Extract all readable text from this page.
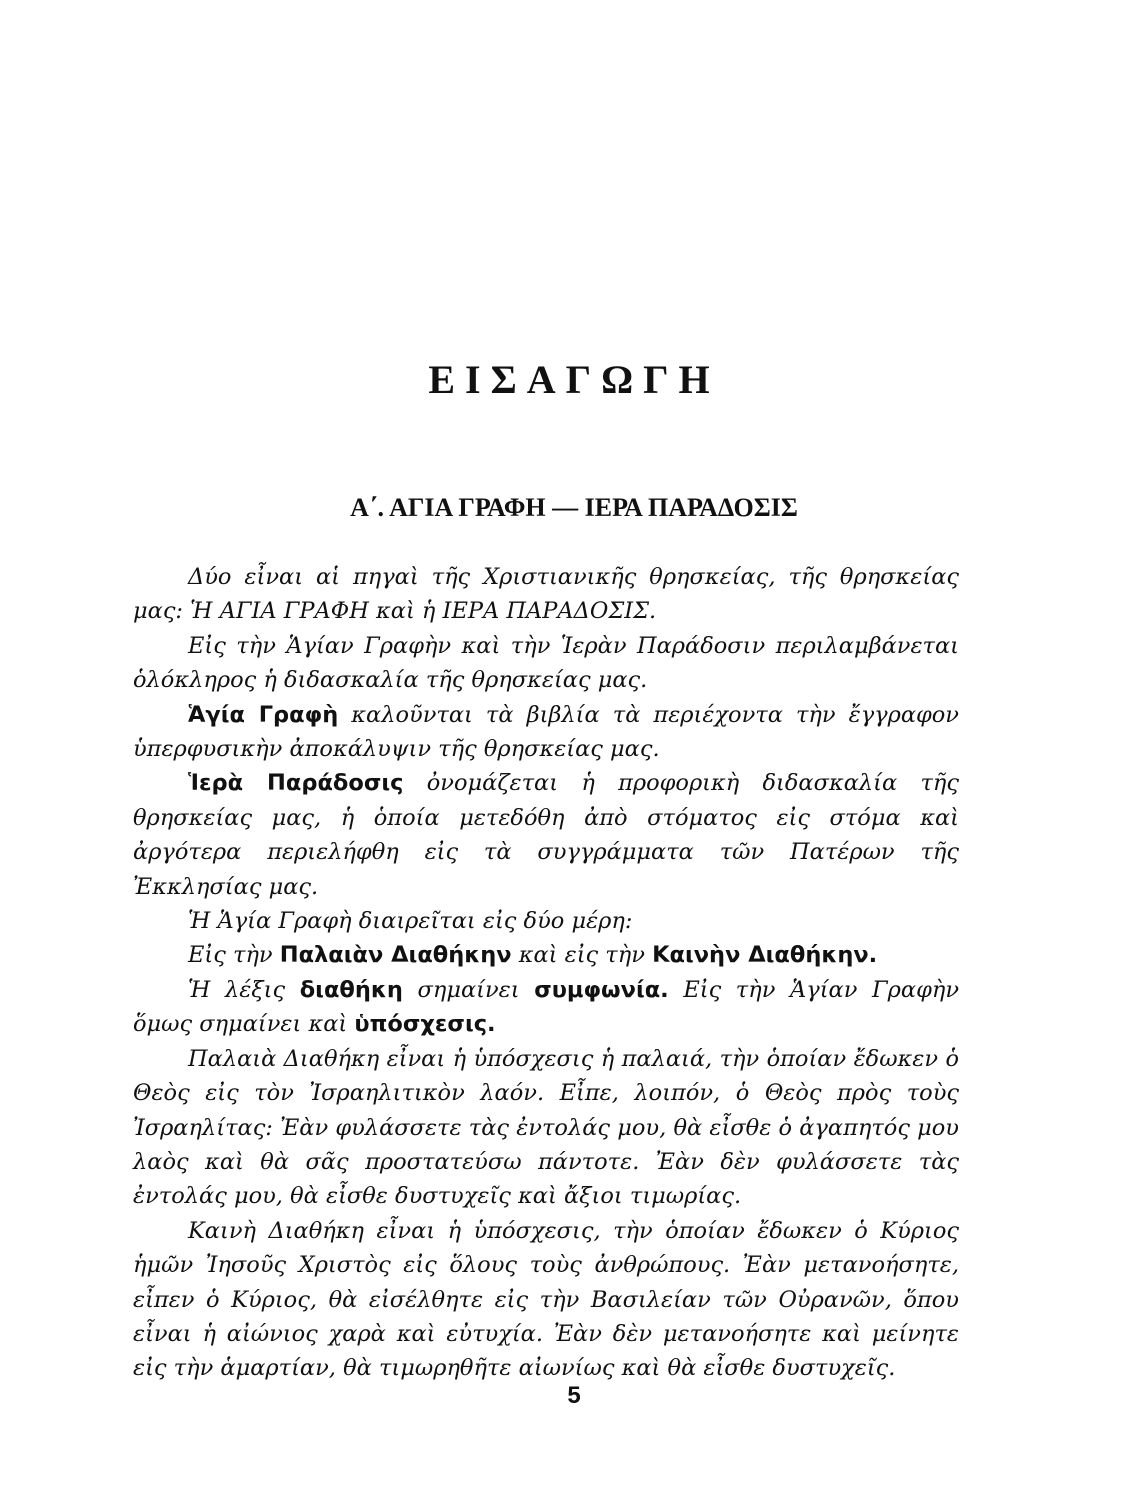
ΕΙΣΑΓΩΓΗ
Α΄. ΑΓΙΑ ΓΡΑΦΗ — ΙΕΡΑ ΠΑΡΑΔΟΣΙΣ

Δύο εἶναι αἱ πηγαὶ τῆς Χριστιανικῆς θρησκείας, τῆς θρησκείας μας: Ἡ ΑΓΙΑ ΓΡΑΦΗ καὶ ἡ ΙΕΡΑ ΠΑΡΑΔΟΣΙΣ.

Εἰς τὴν Ἁγίαν Γραφὴν καὶ τὴν Ἱερὰν Παράδοσιν περιλαμβάνεται ὁλόκληρος ἡ διδασκαλία τῆς θρησκείας μας.

Ἁγία Γραφὴ καλοῦνται τὰ βιβλία τὰ περιέχοντα τὴν ἔγγραφον ὑπερφυσικὴν ἀποκάλυψιν τῆς θρησκείας μας.

Ἱερὰ Παράδοσις ὀνομάζεται ἡ προφορικὴ διδασκαλία τῆς θρησκείας μας, ἡ ὁποία μετεδόθη ἀπὸ στόματος εἰς στόμα καὶ ἀργότερα περιελήφθη εἰς τὰ συγγράμματα τῶν Πατέρων τῆς Ἐκκλησίας μας.

Ἡ Ἁγία Γραφὴ διαιρεῖται εἰς δύο μέρη:

Εἰς τὴν Παλαιὰν Διαθήκην καὶ εἰς τὴν Καινὴν Διαθήκην.

Ἡ λέξις διαθήκη σημαίνει συμφωνία. Εἰς τὴν Ἁγίαν Γραφὴν ὅμως σημαίνει καὶ ὑπόσχεσις.

Παλαιὰ Διαθήκη εἶναι ἡ ὑπόσχεσις ἡ παλαιά, τὴν ὁποίαν ἔδωκεν ὁ Θεὸς εἰς τὸν Ἰσραηλιτικὸν λαόν. Εἶπε, λοιπόν, ὁ Θεὸς πρὸς τοὺς Ἰσραηλίτας: Ἐὰν φυλάσσετε τὰς ἐντολάς μου, θὰ εἶσθε ὁ ἀγαπητός μου λαὸς καὶ θὰ σᾶς προστατεύσω πάντοτε. Ἐὰν δὲν φυλάσσετε τὰς ἐντολάς μου, θὰ εἶσθε δυστυχεῖς καὶ ἄξιοι τιμωρίας.

Καινὴ Διαθήκη εἶναι ἡ ὑπόσχεσις, τὴν ὁποίαν ἔδωκεν ὁ Κύριος ἡμῶν Ἰησοῦς Χριστὸς εἰς ὅλους τοὺς ἀνθρώπους. Ἐὰν μετανοήσητε, εἶπεν ὁ Κύριος, θὰ εἰσέλθητε εἰς τὴν Βασιλείαν τῶν Οὐρανῶν, ὅπου εἶναι ἡ αἰώνιος χαρὰ καὶ εὐτυχία. Ἐὰν δὲν μετανοήσητε καὶ μείνητε εἰς τὴν ἁμαρτίαν, θὰ τιμωρηθῆτε αἰωνίως καὶ θὰ εἶσθε δυστυχεῖς.

5
